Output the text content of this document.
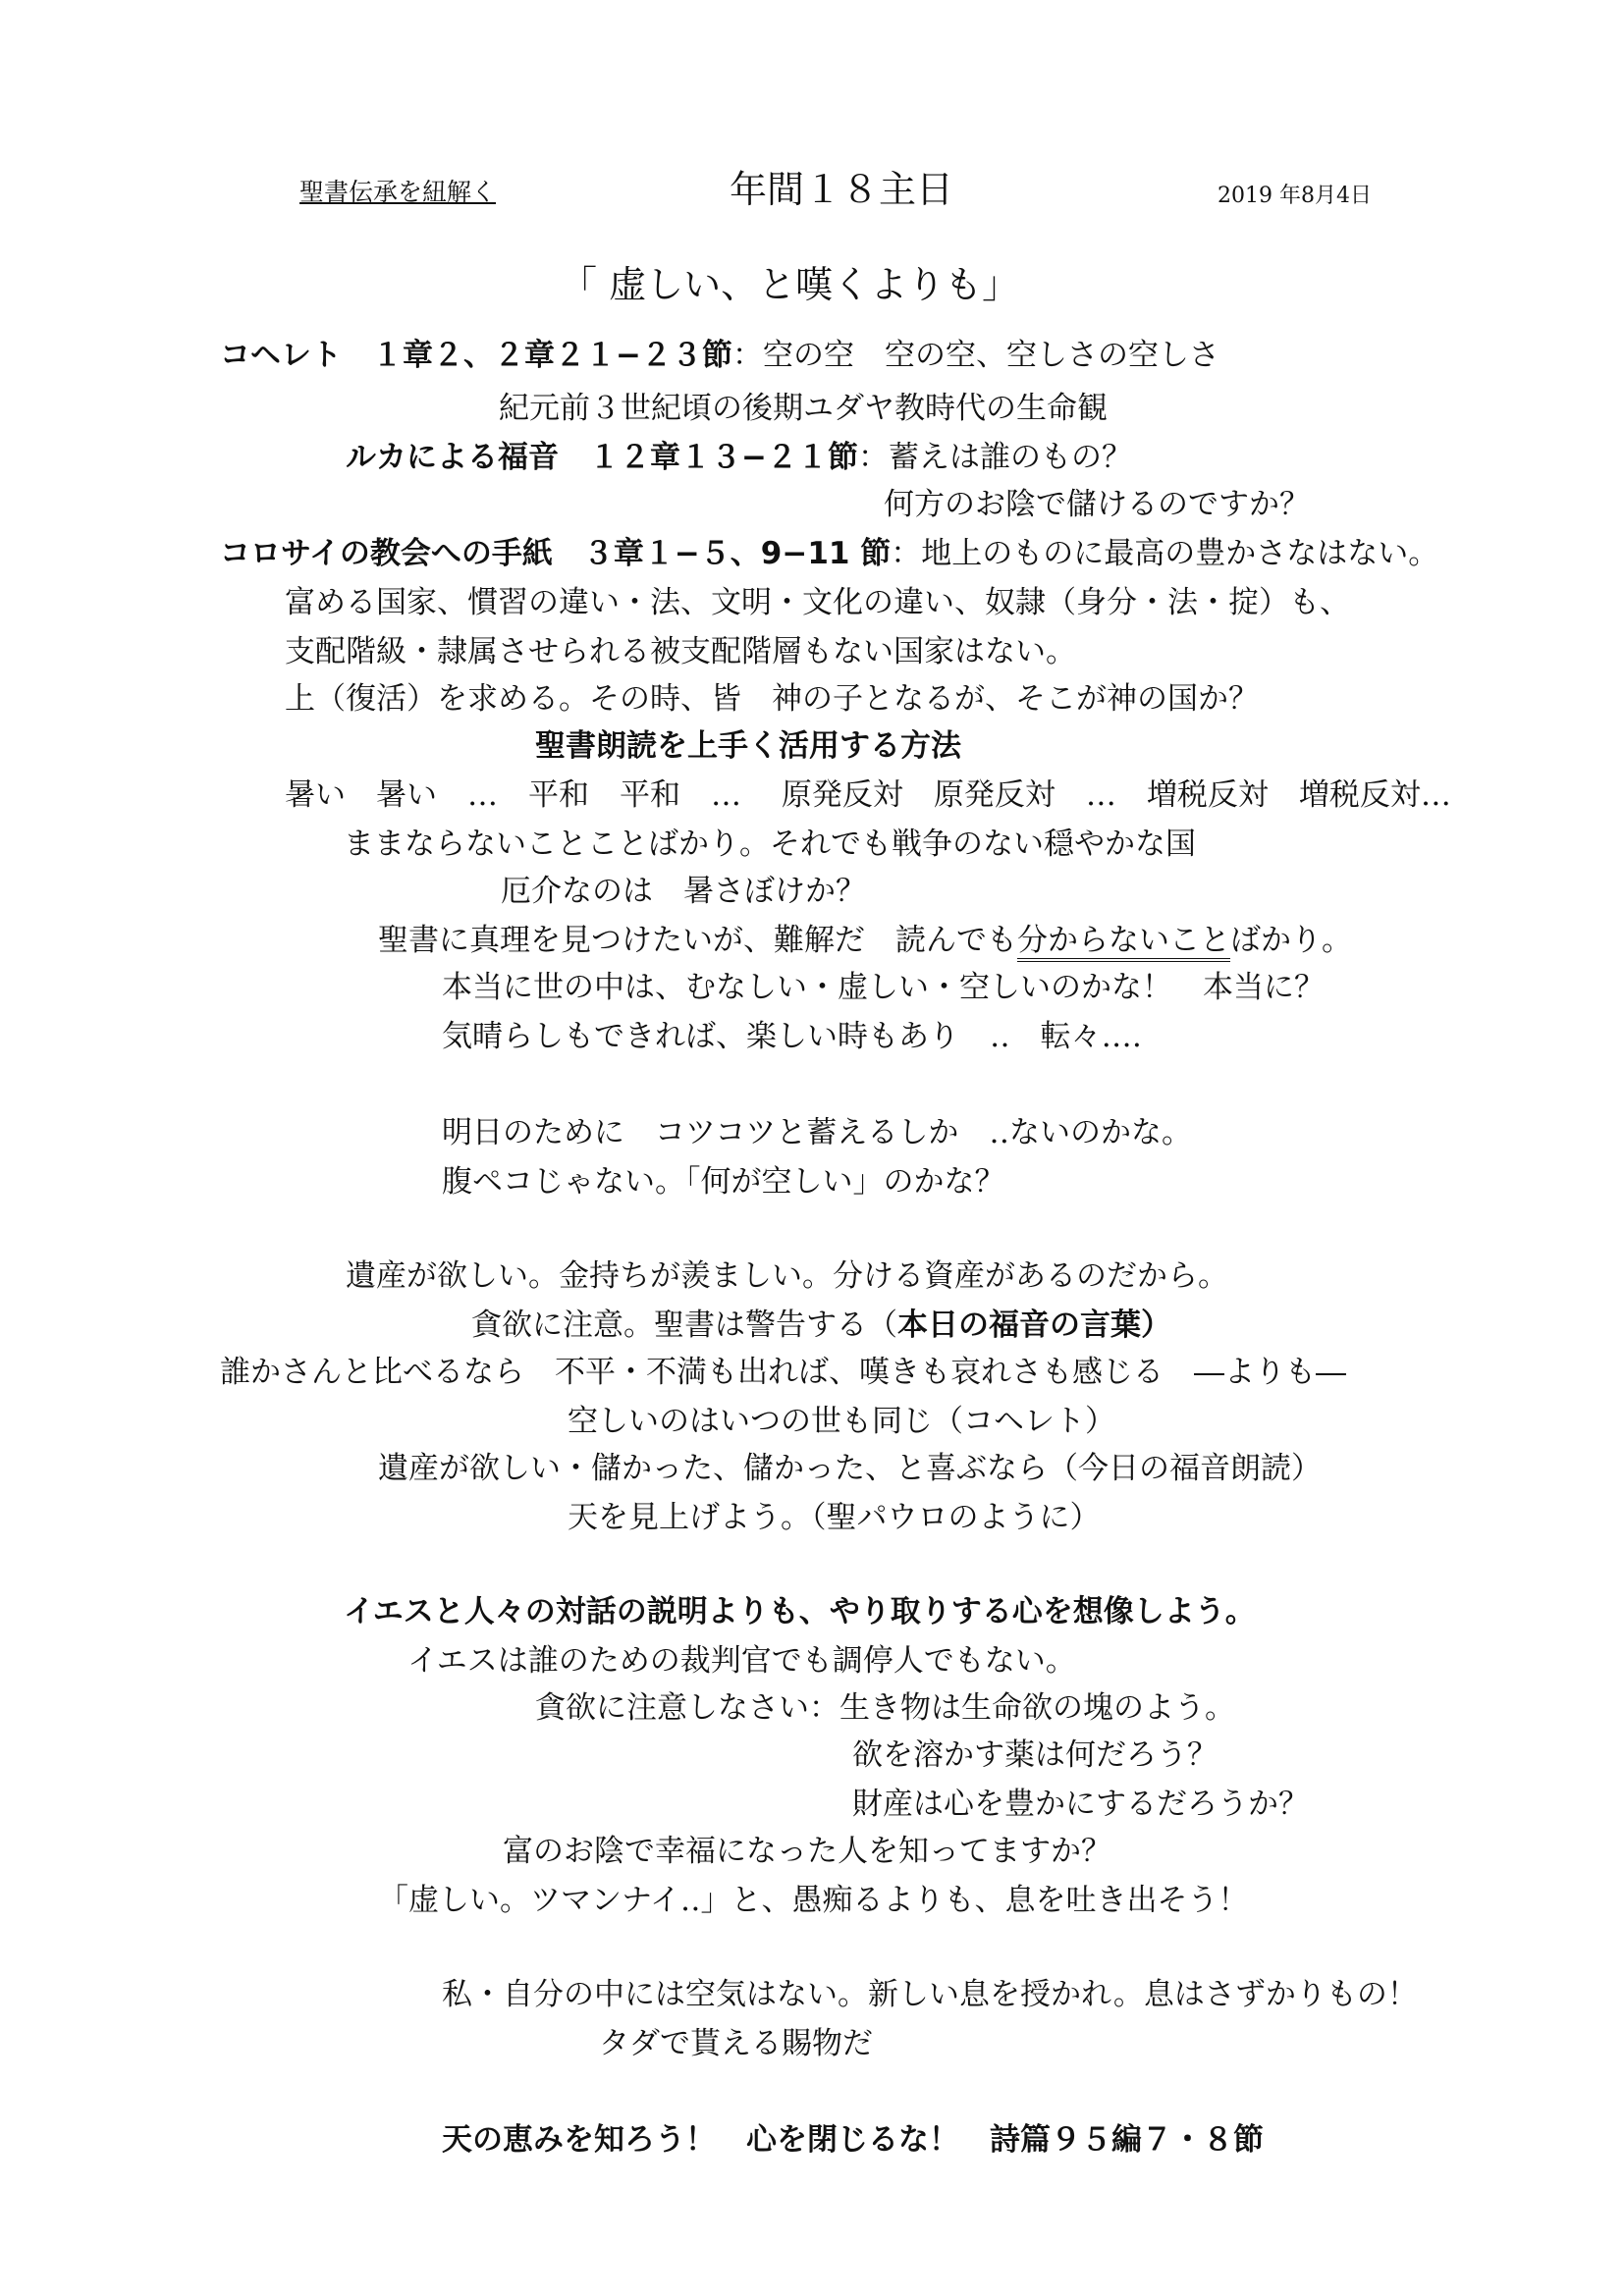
聖書伝承を紐解く	年間１８主日	2019 年8月4日
「 虚しい、と嘆くよりも」
コヘレト　１章２、２章２１−２３節：空の空　空の空、空しさの空しさ
紀元前３世紀頃の後期ユダヤ教時代の生命観
ルカによる福音　１２章１３−２１節：蓄えは誰のもの？
何方のお陰で儲けるのですか？
コロサイの教会への手紙　３章１−５、9−11 節：地上のものに最高の豊かさなはない。
富める国家、慣習の違い・法、文明・文化の違い、奴隷（身分・法・掟）も、
支配階級・隷属させられる被支配階層もない国家はない。
上（復活）を求める。その時、皆　神の子となるが、そこが神の国か？
聖書朗読を上手く活用する方法
暑い　暑い　…　平和　平和　…　 原発反対　原発反対　…　増税反対　増税反対…
ままならないことことばかり。それでも戦争のない穏やかな国
厄介なのは　暑さぼけか？
聖書に真理を見つけたいが、難解だ　読んでも分からないことばかり。
本当に世の中は、むなしい・虚しい・空しいのかな！　本当に？
気晴らしもできれば、楽しい時もあり　‥　転々‥‥
明日のために　コツコツと蓄えるしか　‥ないのかな。
腹ペコじゃない。「何が空しい」のかな？
遺産が欲しい。金持ちが羨ましい。分ける資産があるのだから。
貪欲に注意。聖書は警告する（本日の福音の言葉）
誰かさんと比べるなら　不平・不満も出れば、嘆きも哀れさも感じる　―よりも―
空しいのはいつの世も同じ（コヘレト）
遺産が欲しい・儲かった、儲かった、と喜ぶなら（今日の福音朗読）
天を見上げよう。（聖パウロのように）
イエスと人々の対話の説明よりも、やり取りする心を想像しよう。
イエスは誰のための裁判官でも調停人でもない。
貪欲に注意しなさい：生き物は生命欲の塊のよう。
欲を溶かす薬は何だろう？
財産は心を豊かにするだろうか？
富のお陰で幸福になった人を知ってますか？
「虚しい。ツマンナイ‥」と、愚痴るよりも、息を吐き出そう！
私・自分の中には空気はない。新しい息を授かれ。息はさずかりもの！
タダで貰える賜物だ
天の恵みを知ろう！　心を閉じるな！　詩篇９５編７・８節
